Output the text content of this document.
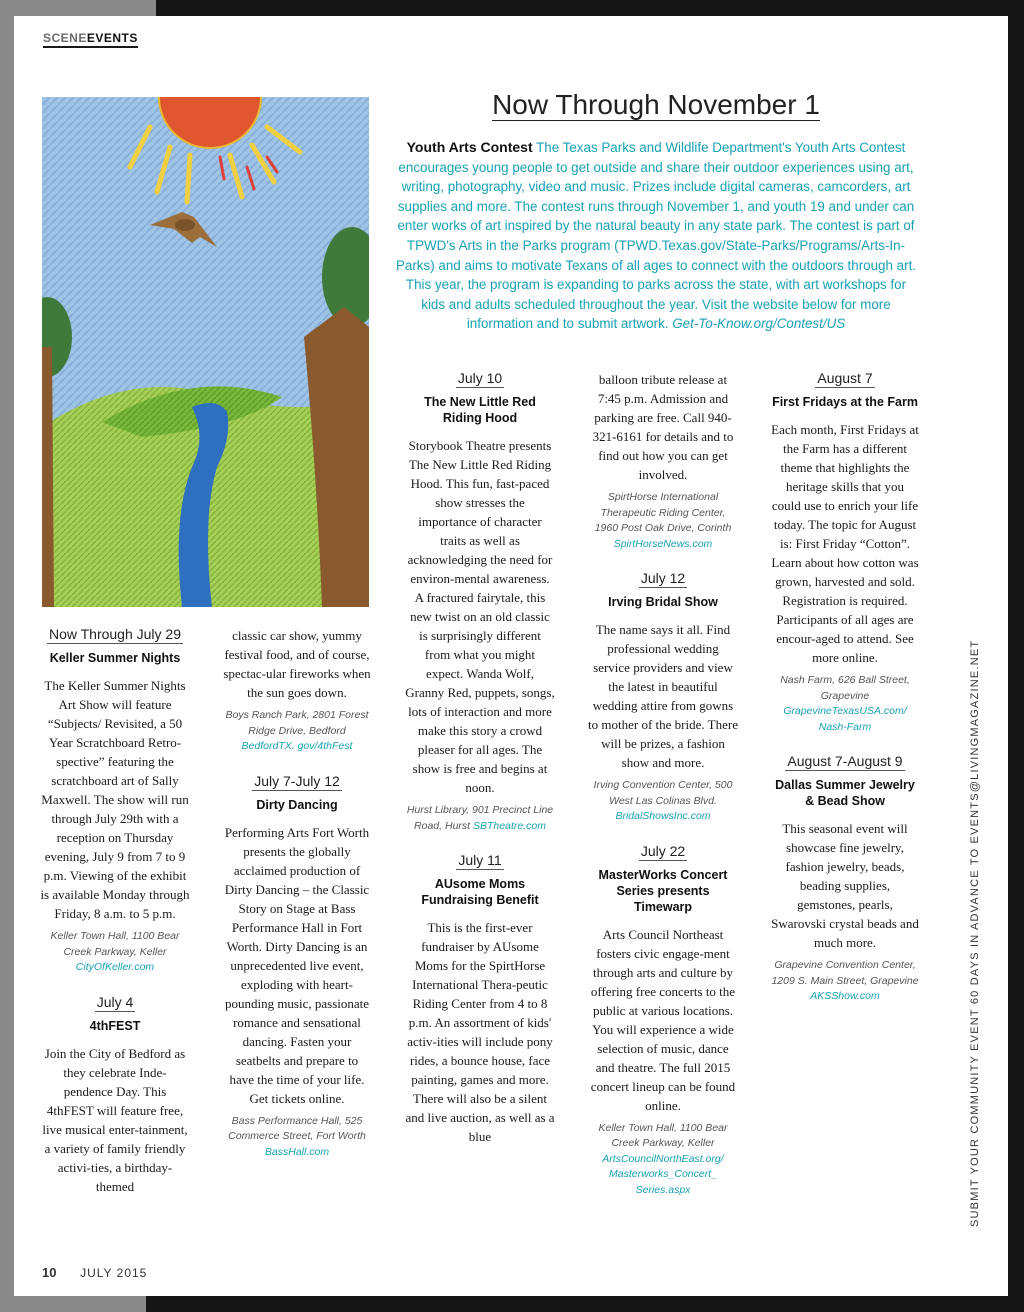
SCENEEVENTS
Now Through November 1
Youth Arts Contest The Texas Parks and Wildlife Department's Youth Arts Contest encourages young people to get outside and share their outdoor experiences using art, writing, photography, video and music. Prizes include digital cameras, camcorders, art supplies and more. The contest runs through November 1, and youth 19 and under can enter works of art inspired by the natural beauty in any state park. The contest is part of TPWD's Arts in the Parks program (TPWD.Texas.gov/State-Parks/Programs/Arts-In-Parks) and aims to motivate Texans of all ages to connect with the outdoors through art. This year, the program is expanding to parks across the state, with art workshops for kids and adults scheduled throughout the year. Visit the website below for more information and to submit artwork. Get-To-Know.org/Contest/US
Now Through July 29
Keller Summer Nights
The Keller Summer Nights Art Show will feature “Subjects/ Revisited, a 50 Year Scratchboard Retro-spective” featuring the scratchboard art of Sally Maxwell. The show will run through July 29th with a reception on Thursday evening, July 9 from 7 to 9 p.m. Viewing of the exhibit is available Monday through Friday, 8 a.m. to 5 p.m.
Keller Town Hall, 1100 Bear Creek Parkway, Keller CityOfKeller.com
July 4
4thFEST
Join the City of Bedford as they celebrate Inde-pendence Day. This 4thFEST will feature free, live musical enter-tainment, a variety of family friendly activi-ties, a birthday-themed
classic car show, yummy festival food, and of course, spectac-ular fireworks when the sun goes down.
Boys Ranch Park, 2801 Forest Ridge Drive, Bedford BedfordTX. gov/4thFest
July 7-July 12
Dirty Dancing
Performing Arts Fort Worth presents the globally acclaimed production of Dirty Dancing – the Classic Story on Stage at Bass Performance Hall in Fort Worth. Dirty Dancing is an unprecedented live event, exploding with heart-pounding music, passionate romance and sensational dancing. Fasten your seatbelts and prepare to have the time of your life. Get tickets online.
Bass Performance Hall, 525 Commerce Street, Fort Worth BassHall.com
July 10
The New Little Red Riding Hood
Storybook Theatre presents The New Little Red Riding Hood. This fun, fast-paced show stresses the importance of character traits as well as acknowledging the need for environ-mental awareness. A fractured fairytale, this new twist on an old classic is surprisingly different from what you might expect. Wanda Wolf, Granny Red, puppets, songs, lots of interaction and more make this story a crowd pleaser for all ages. The show is free and begins at noon.
Hurst Library, 901 Precinct Line Road, Hurst SBTheatre.com
July 11
AUsome Moms Fundraising Benefit
This is the first-ever fundraiser by AUsome Moms for the SpirtHorse International Thera-peutic Riding Center from 4 to 8 p.m. An assortment of kids' activ-ities will include pony rides, a bounce house, face painting, games and more. There will also be a silent and live auction, as well as a blue
balloon tribute release at 7:45 p.m. Admission and parking are free. Call 940-321-6161 for details and to find out how you can get involved.
SpirtHorse International Therapeutic Riding Center, 1960 Post Oak Drive, Corinth SpirtHorseNews.com
July 12
Irving Bridal Show
The name says it all. Find professional wedding service providers and view the latest in beautiful wedding attire from gowns to mother of the bride. There will be prizes, a fashion show and more.
Irving Convention Center, 500 West Las Colinas Blvd. BridalShowsInc.com
July 22
MasterWorks Concert Series presents Timewarp
Arts Council Northeast fosters civic engage-ment through arts and culture by offering free concerts to the public at various locations. You will experience a wide selection of music, dance and theatre. The full 2015 concert lineup can be found online.
Keller Town Hall, 1100 Bear Creek Parkway, Keller ArtsCouncilNorthEast.org/ Masterworks_Concert_ Series.aspx
August 7
First Fridays at the Farm
Each month, First Fridays at the Farm has a different theme that highlights the heritage skills that you could use to enrich your life today. The topic for August is: First Friday “Cotton”. Learn about how cotton was grown, harvested and sold. Registration is required. Participants of all ages are encour-aged to attend. See more online.
Nash Farm, 626 Ball Street, Grapevine GrapevineTexasUSA.com/ Nash-Farm
August 7-August 9
Dallas Summer Jewelry & Bead Show
This seasonal event will showcase fine jewelry, fashion jewelry, beads, beading supplies, gemstones, pearls, Swarovski crystal beads and much more.
Grapevine Convention Center, 1209 S. Main Street, Grapevine AKSShow.com
10 JULY 2015
SUBMIT YOUR COMMUNITY EVENT 60 DAYS IN ADVANCE TO EVENTS@LIVINGMAGAZINE.NET
